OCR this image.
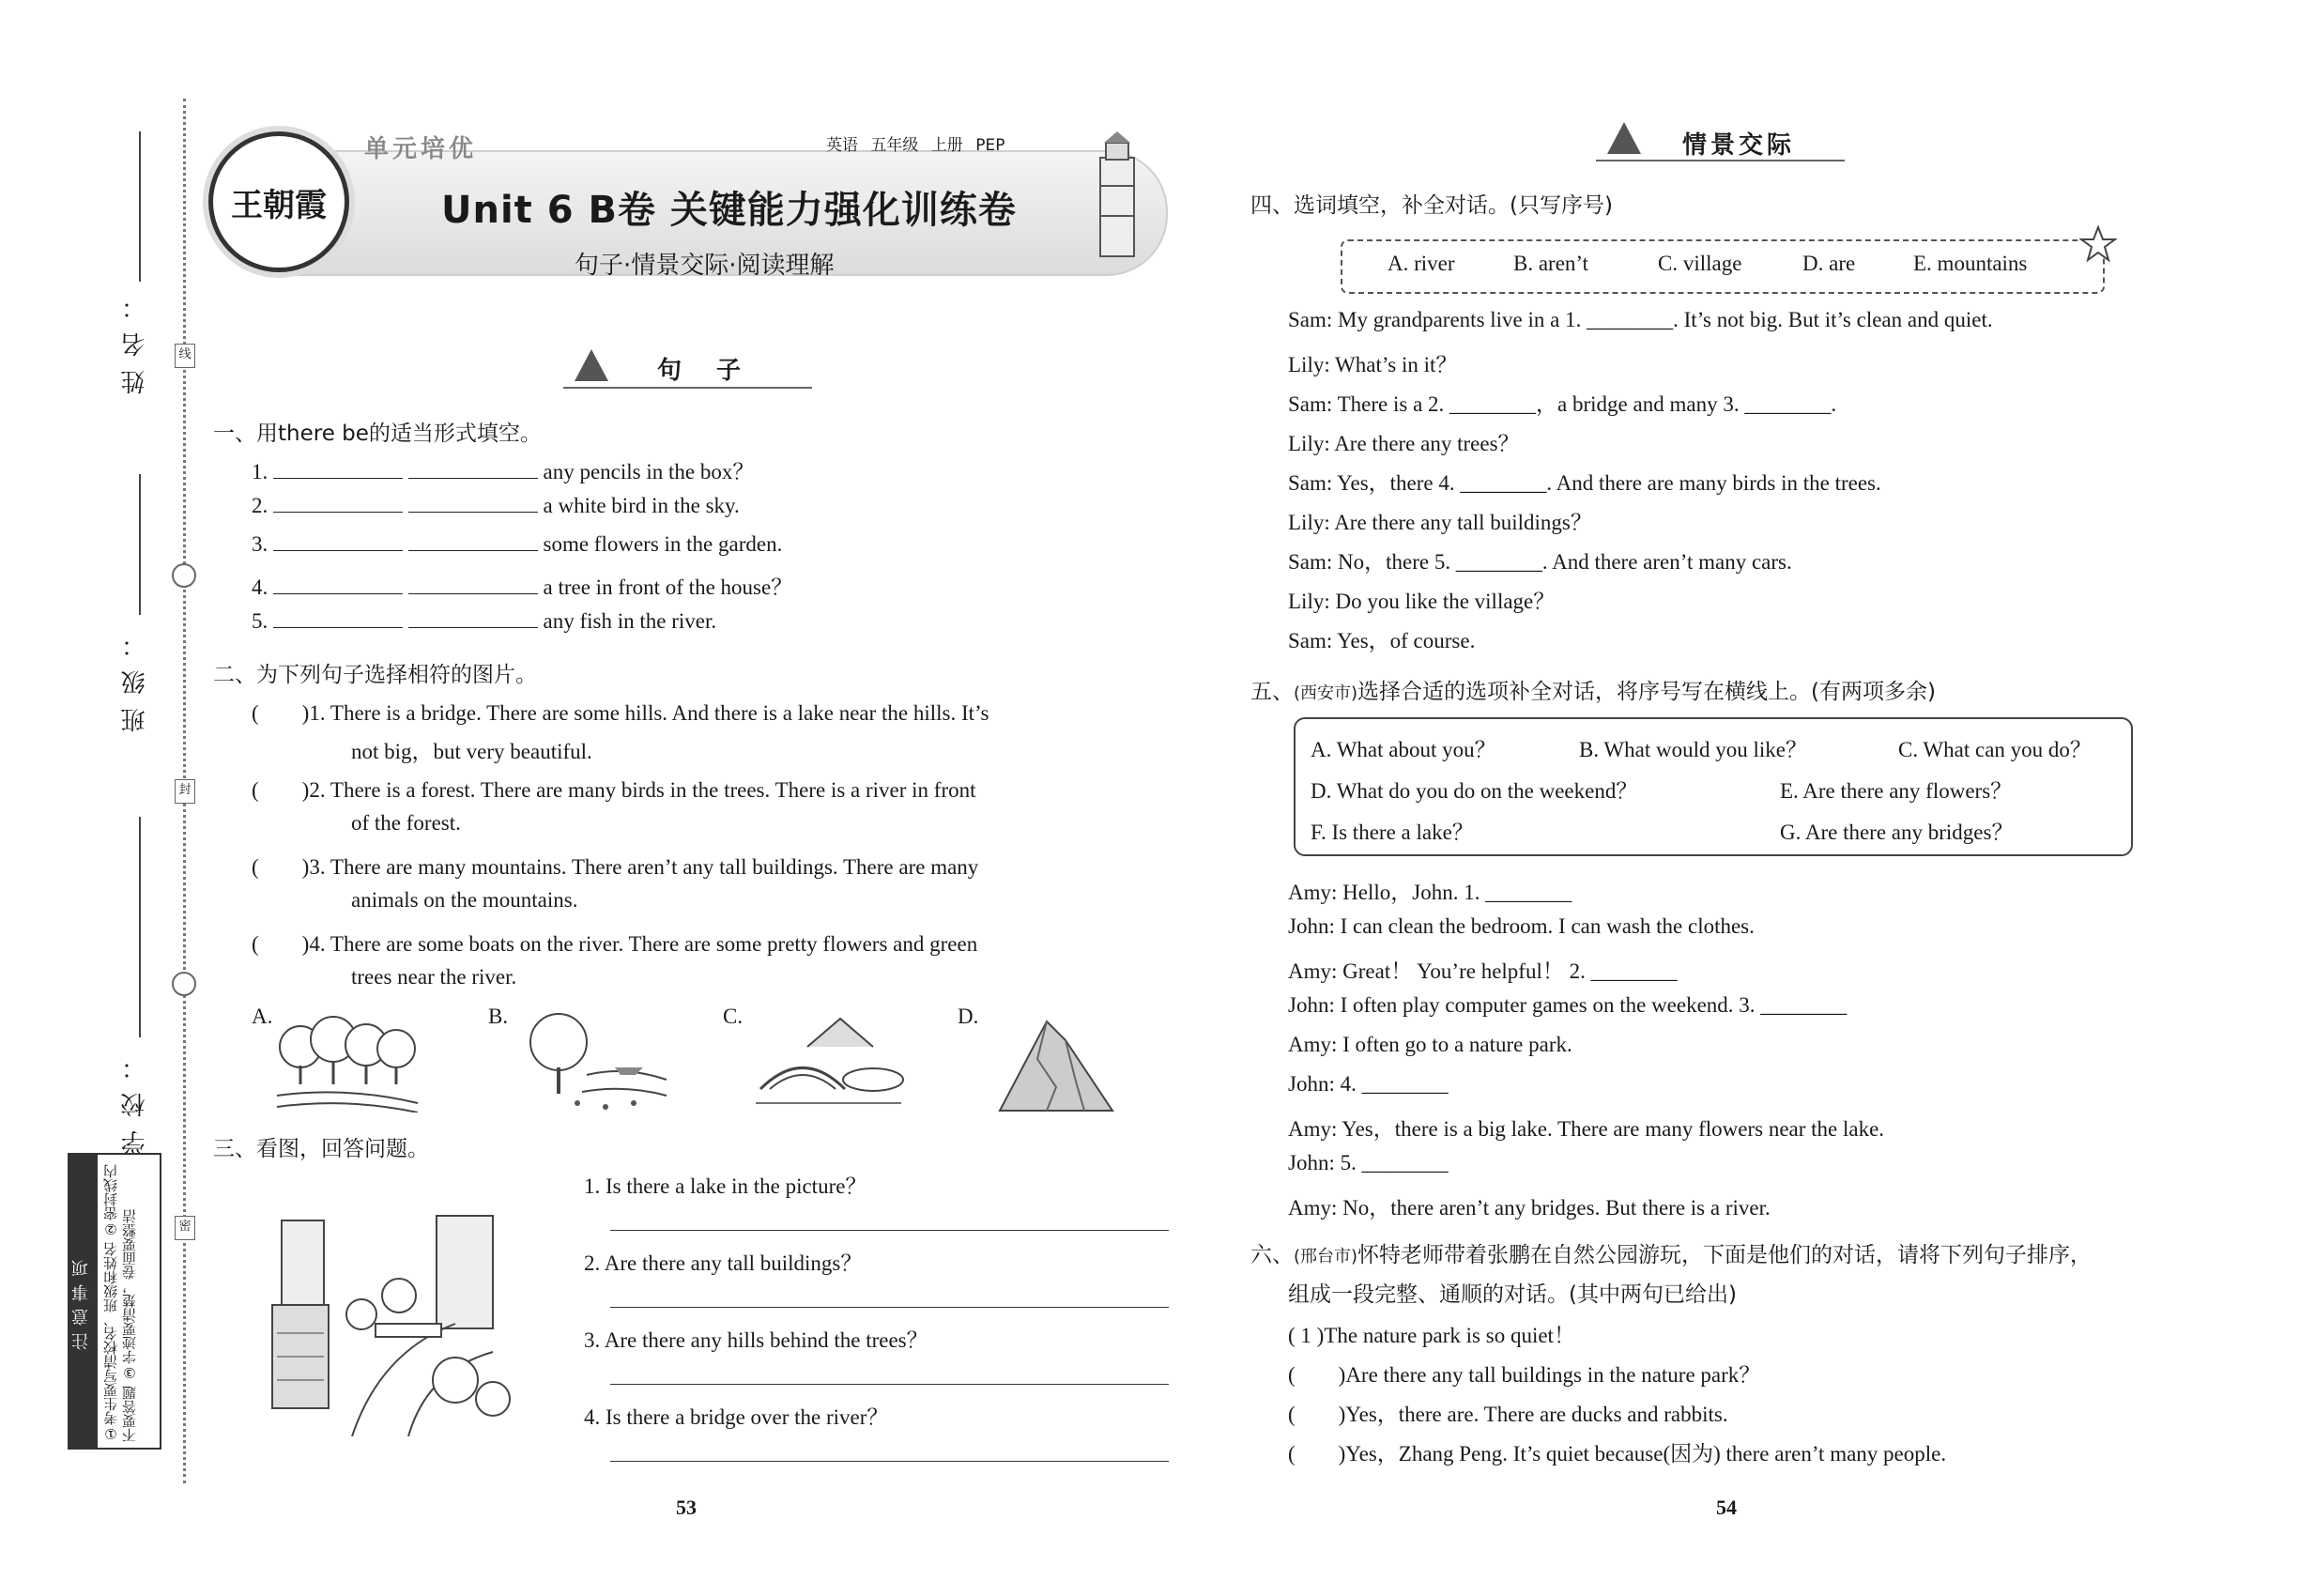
姓名：
班级：
学校：
线
封
密
注意事项 ①考生要写清校名、班级和姓名 ②密封线内不要答题 ③字迹要清楚，卷面要整洁
王朝霞
单元培优	英语 五年级 上册 PEP
Unit 6 B卷 关键能力强化训练卷
句子·情景交际·阅读理解
句 子
一、用there be的适当形式填空。
1.	any pencils in the box？
2.	a white bird in the sky.
3.	some flowers in the garden.
4.	a tree in front of the house？
5.	any fish in the river.
二、为下列句子选择相符的图片。
(　　)1. There is a bridge. There are some hills. And there is a lake near the hills. It’s
not big，but very beautiful.
(　　)2. There is a forest. There are many birds in the trees. There is a river in front
of the forest.
(　　)3. There are many mountains. There aren’t any tall buildings. There are many
animals on the mountains.
(　　)4. There are some boats on the river. There are some pretty flowers and green
trees near the river.
A.	B.	C.	D.
三、看图，回答问题。
1. Is there a lake in the picture？
2. Are there any tall buildings？
3. Are there any hills behind the trees？
4. Is there a bridge over the river？
53
情景交际
四、选词填空，补全对话。(只写序号)
A. river	B. aren’t	C. village	D. are	E. mountains
Sam: My grandparents live in a 1. ________. It’s not big. But it’s clean and quiet.
Lily: What’s in it？
Sam: There is a 2. ________，a bridge and many 3. ________.
Lily: Are there any trees？
Sam: Yes，there 4. ________. And there are many birds in the trees.
Lily: Are there any tall buildings？
Sam: No，there 5. ________. And there aren’t many cars.
Lily: Do you like the village？
Sam: Yes，of course.
五、(西安市)选择合适的选项补全对话，将序号写在横线上。(有两项多余)
A. What about you？	B. What would you like？	C. What can you do？
D. What do you do on the weekend？	E. Are there any flowers？
F. Is there a lake？	G. Are there any bridges？
Amy: Hello，John. 1. ________
John: I can clean the bedroom. I can wash the clothes.
Amy: Great！ You’re helpful！ 2. ________
John: I often play computer games on the weekend. 3. ________
Amy: I often go to a nature park.
John: 4. ________
Amy: Yes，there is a big lake. There are many flowers near the lake.
John: 5. ________
Amy: No，there aren’t any bridges. But there is a river.
六、(邢台市)怀特老师带着张鹏在自然公园游玩，下面是他们的对话，请将下列句子排序，
组成一段完整、通顺的对话。(其中两句已给出)
( 1 )The nature park is so quiet！
(　　)Are there any tall buildings in the nature park？
(　　)Yes，there are. There are ducks and rabbits.
(　　)Yes，Zhang Peng. It’s quiet because(因为) there aren’t many people.
54
